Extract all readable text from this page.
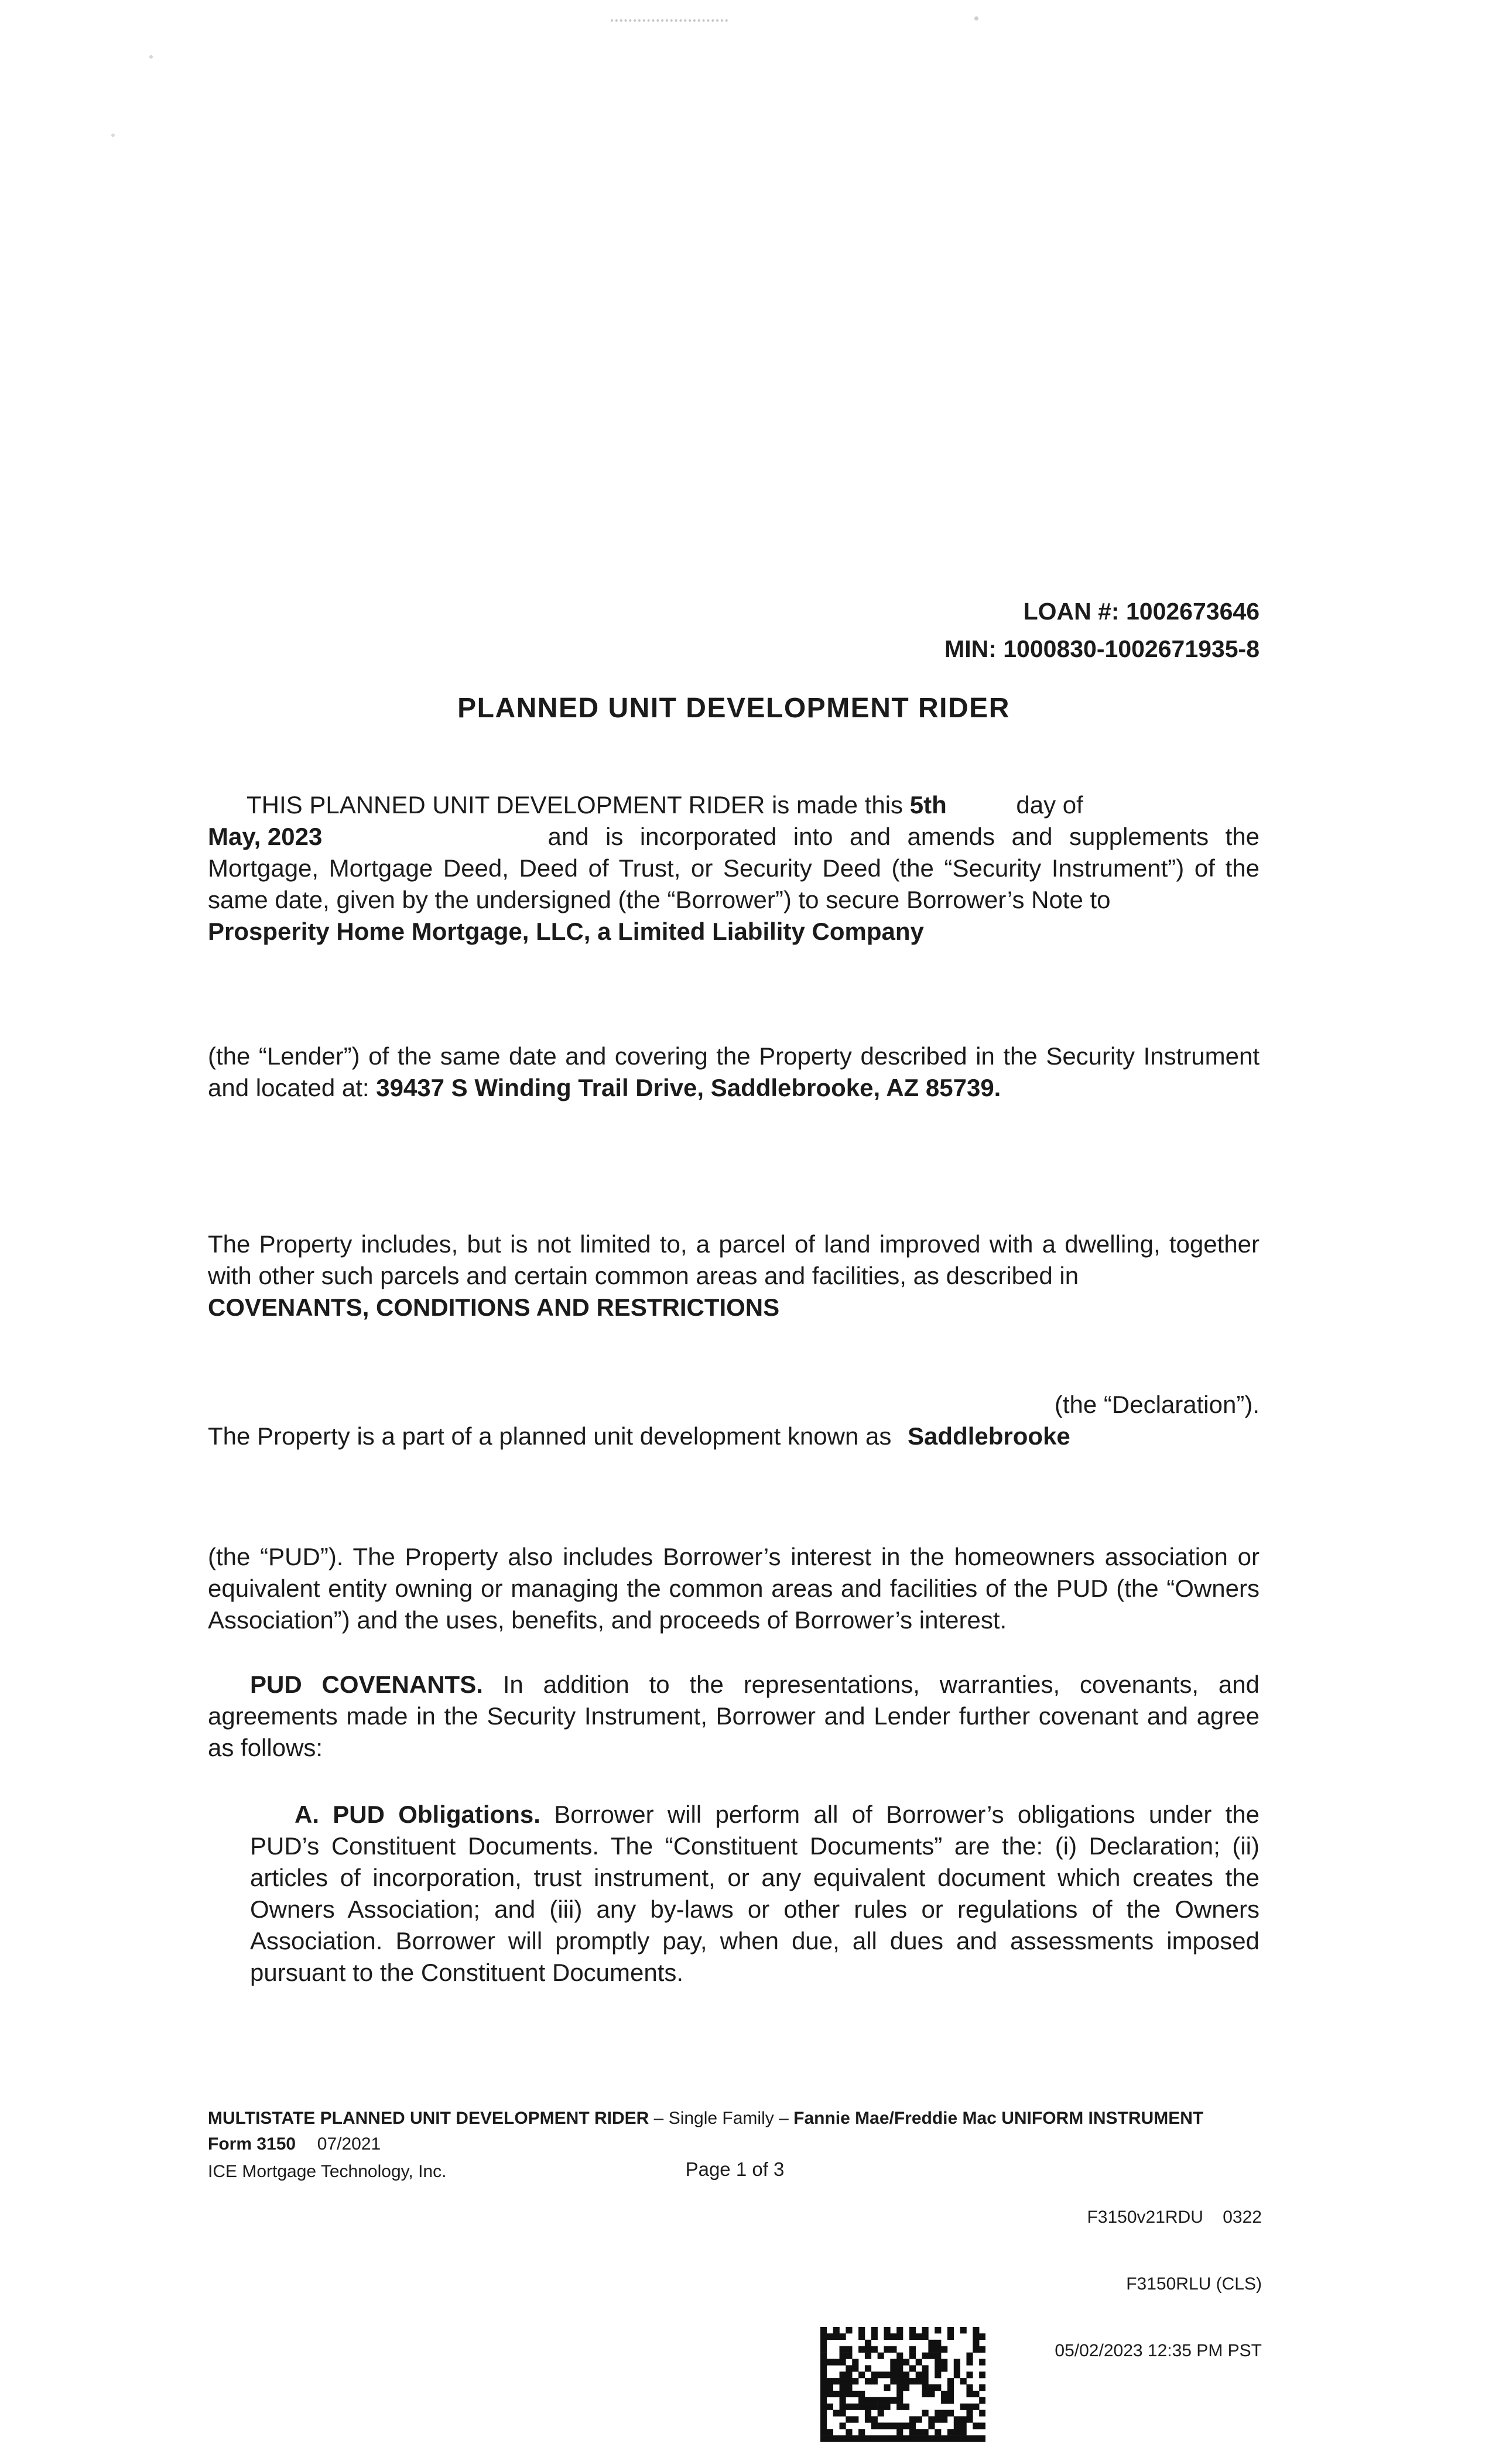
LOAN #: 1002673646
MIN: 1000830-1002671935-8
PLANNED UNIT DEVELOPMENT RIDER

THIS PLANNED UNIT DEVELOPMENT RIDER is made this 5th	day of
May, 2023	and is incorporated into and amends and supplements the Mortgage, Mortgage Deed, Deed of Trust, or Security Deed (the “Security Instrument”) of the same date, given by the undersigned (the “Borrower”) to secure Borrower’s Note to
Prosperity Home Mortgage, LLC, a Limited Liability Company

(the “Lender”) of the same date and covering the Property described in the Security Instrument and located at: 39437 S Winding Trail Drive, Saddlebrooke, AZ 85739.

The Property includes, but is not limited to, a parcel of land improved with a dwelling, together with other such parcels and certain common areas and facilities, as described in
COVENANTS, CONDITIONS AND RESTRICTIONS

(the “Declaration”).
The Property is a part of a planned unit development known as Saddlebrooke

(the “PUD”). The Property also includes Borrower’s interest in the homeowners association or equivalent entity owning or managing the common areas and facilities of the PUD (the “Owners Association”) and the uses, benefits, and proceeds of Borrower’s interest.

PUD COVENANTS. In addition to the representations, warranties, covenants, and agreements made in the Security Instrument, Borrower and Lender further covenant and agree as follows:

A. PUD Obligations. Borrower will perform all of Borrower’s obligations under the PUD’s Constituent Documents. The “Constituent Documents” are the: (i) Declaration; (ii) articles of incorporation, trust instrument, or any equivalent document which creates the Owners Association; and (iii) any by-laws or other rules or regulations of the Owners Association. Borrower will promptly pay, when due, all dues and assessments imposed pursuant to the Constituent Documents.

MULTISTATE PLANNED UNIT DEVELOPMENT RIDER – Single Family – Fannie Mae/Freddie Mac UNIFORM INSTRUMENT
Form 3150 07/2021
ICE Mortgage Technology, Inc.	Page 1 of 3

F3150v21RDU    0322

F3150RLU (CLS)

05/02/2023 12:35 PM PST
